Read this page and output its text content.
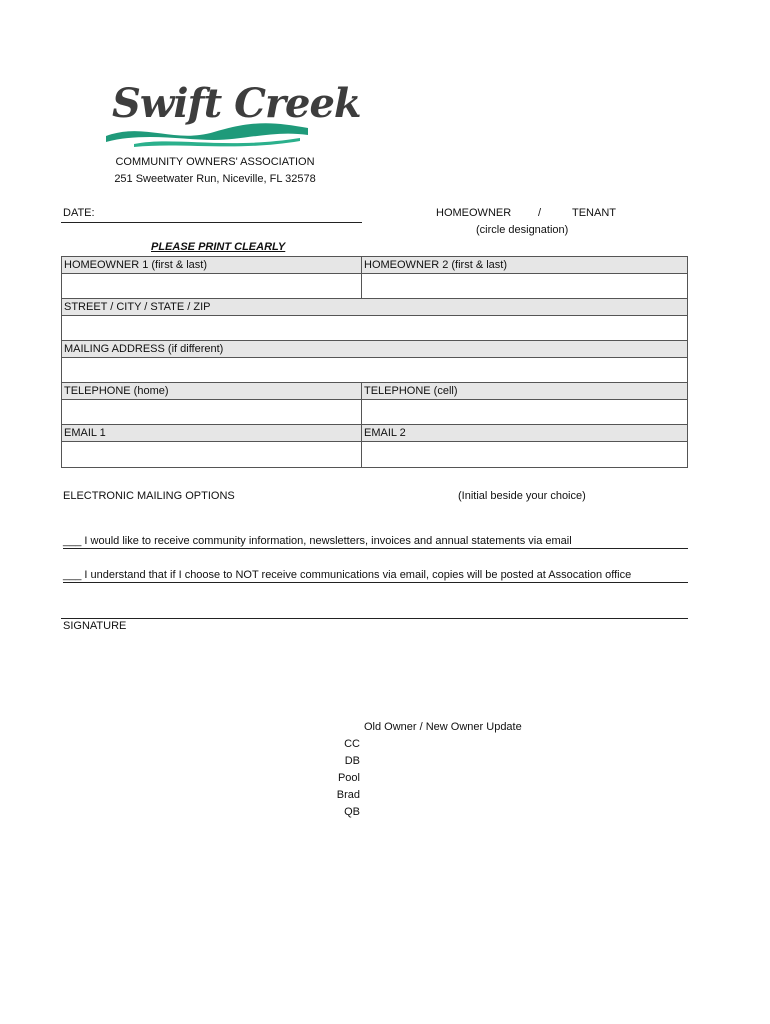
Swift Creek
COMMUNITY OWNERS' ASSOCIATION
251 Sweetwater Run, Niceville, FL 32578
DATE:	HOMEOWNER /	TENANT
(circle designation)
PLEASE PRINT CLEARLY
HOMEOWNER 1 (first & last)	HOMEOWNER 2 (first & last)
STREET / CITY / STATE / ZIP
MAILING ADDRESS (if different)
TELEPHONE (home)	TELEPHONE (cell)
EMAIL 1	EMAIL 2
ELECTRONIC MAILING OPTIONS	(Initial beside your choice)
___ I would like to receive community information, newsletters, invoices and annual statements via email
___ I understand that if I choose to NOT receive communications via email, copies will be posted at Assocation office
SIGNATURE
Old Owner / New Owner Update
CC
DB
Pool
Brad
QB
